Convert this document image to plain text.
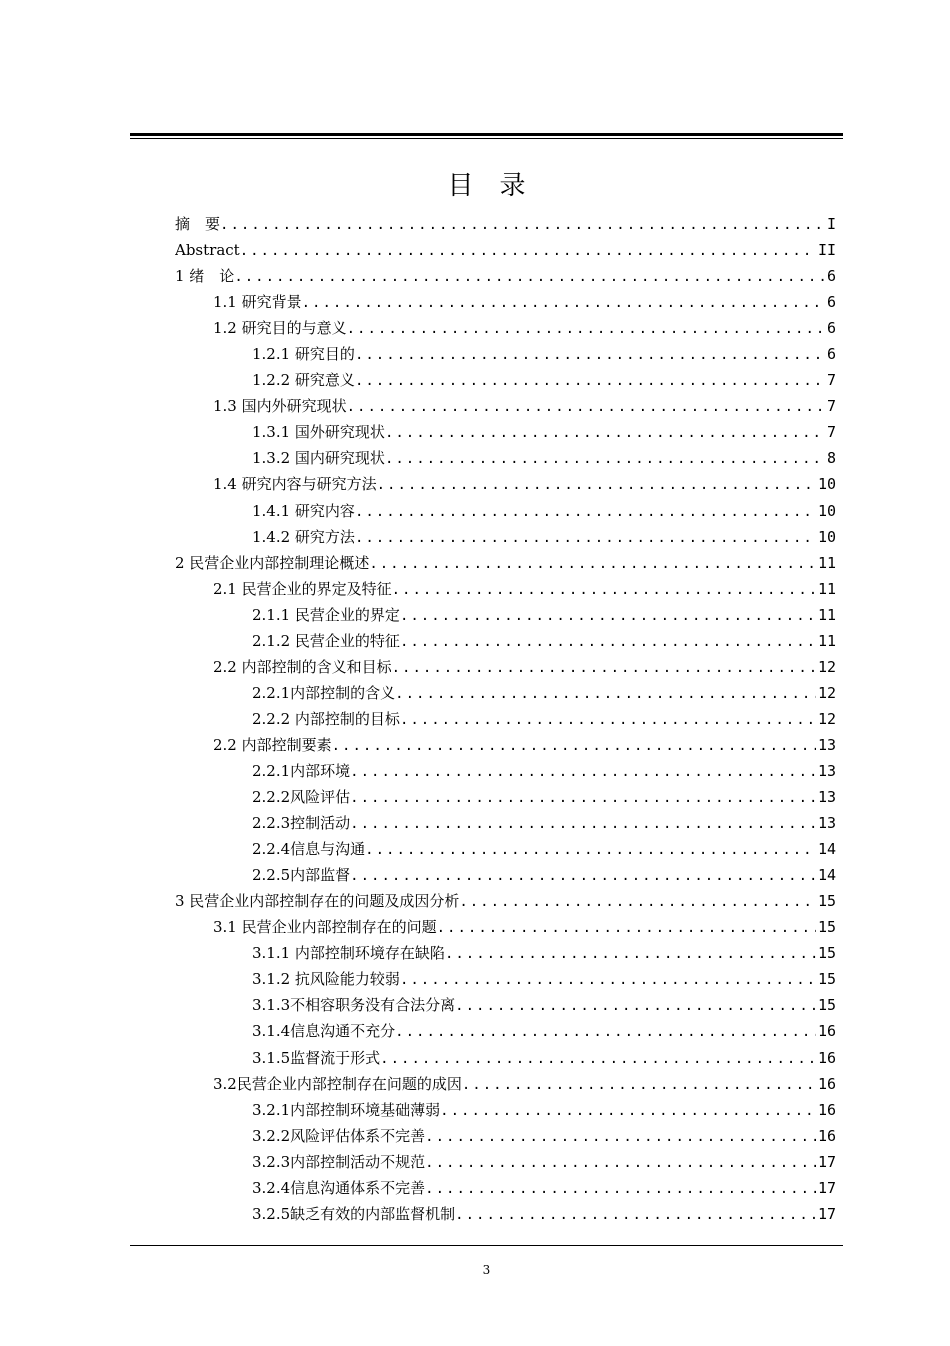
目　录
摘　要 .....	I
Abstract .....	II
1 绪　论 .....	6
1.1 研究背景 .....	6
1.2 研究目的与意义 .....	6
1.2.1 研究目的 .....	6
1.2.2 研究意义 .....	7
1.3 国内外研究现状 .....	7
1.3.1 国外研究现状 .....	7
1.3.2 国内研究现状 .....	8
1.4 研究内容与研究方法 .....	10
1.4.1 研究内容 .....	10
1.4.2 研究方法 .....	10
2 民营企业内部控制理论概述 .....	11
2.1 民营企业的界定及特征 .....	11
2.1.1 民营企业的界定 .....	11
2.1.2 民营企业的特征 .....	11
2.2 内部控制的含义和目标 .....	12
2.2.1内部控制的含义 .....	12
2.2.2 内部控制的目标 .....	12
2.2 内部控制要素 .....	13
2.2.1内部环境 .....	13
2.2.2风险评估 .....	13
2.2.3控制活动 .....	13
2.2.4信息与沟通 .....	14
2.2.5内部监督 .....	14
3 民营企业内部控制存在的问题及成因分析 .....	15
3.1 民营企业内部控制存在的问题 .....	15
3.1.1 内部控制环境存在缺陷 .....	15
3.1.2 抗风险能力较弱 .....	15
3.1.3不相容职务没有合法分离 .....	15
3.1.4信息沟通不充分 .....	16
3.1.5监督流于形式 .....	16
3.2民营企业内部控制存在问题的成因 .....	16
3.2.1内部控制环境基础薄弱 .....	16
3.2.2风险评估体系不完善 .....	16
3.2.3内部控制活动不规范 .....	17
3.2.4信息沟通体系不完善 .....	17
3.2.5缺乏有效的内部监督机制 .....	17
3
